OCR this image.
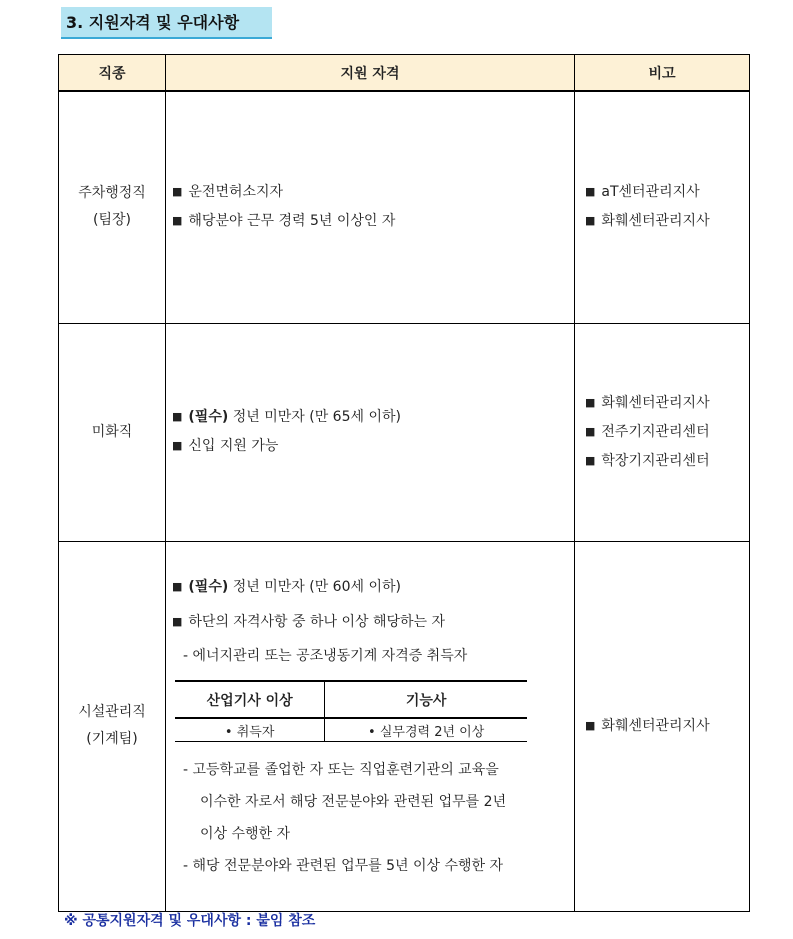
3. 지원자격 및 우대사항
직종	지원 자격	비고

주차행정직
(팀장)

■ 운전면허소지자
■ 해당분야 근무 경력 5년 이상인 자

■ aT센터관리지사
■ 화훼센터관리지사

미화직

■ (필수) 정년 미만자 (만 65세 이하)
■ 신입 지원 가능

■ 화훼센터관리지사
■ 전주기지관리센터
■ 학장기지관리센터

시설관리직
(기계팀)

■ (필수) 정년 미만자 (만 60세 이하)
■ 하단의 자격사항 중 하나 이상 해당하는 자
- 에너지관리 또는 공조냉동기계 자격증 취득자
산업기사 이상	기능사
• 취득자	• 실무경력 2년 이상
- 고등학교를 졸업한 자 또는 직업훈련기관의 교육을
이수한 자로서 해당 전문분야와 관련된 업무를 2년
이상 수행한 자
- 해당 전문분야와 관련된 업무를 5년 이상 수행한 자

■ 화훼센터관리지사
※ 공통지원자격 및 우대사항 : 붙임 참조
